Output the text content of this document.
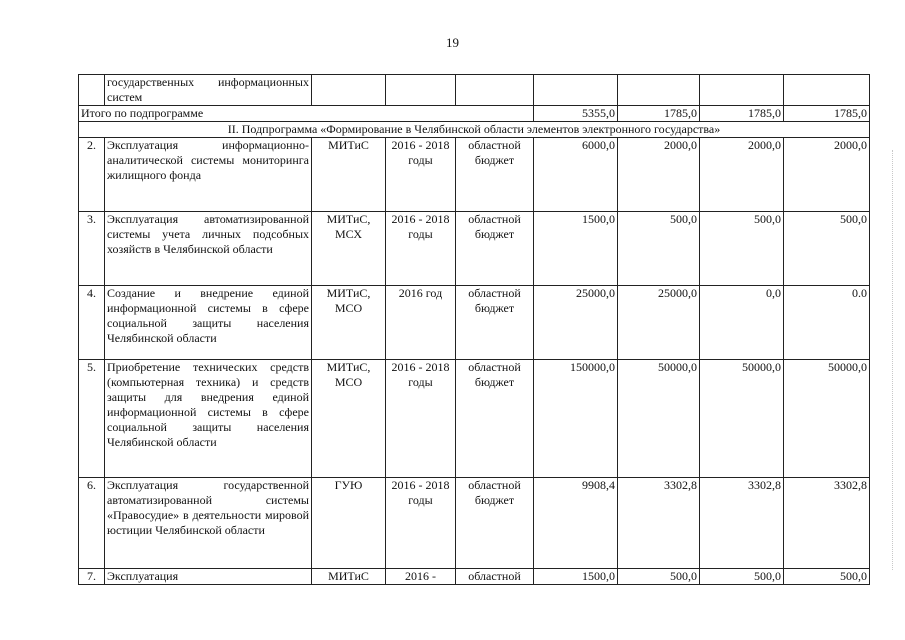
19
	государственных информационных систем							
Итого по подпрограмме					5355,0	1785,0	1785,0	1785,0
II. Подпрограмма «Формирование в Челябинской области элементов электронного государства»								
2.	Эксплуатация информационно-аналитической системы мониторинга жилищного фонда	МИТиС	2016 - 2018 годы	областной бюджет	6000,0	2000,0	2000,0	2000,0
3.	Эксплуатация автоматизированной системы учета личных подсобных хозяйств в Челябинской области	МИТиС, МСХ	2016 - 2018 годы	областной бюджет	1500,0	500,0	500,0	500,0
4.	Создание и внедрение единой информационной системы в сфере социальной защиты населения Челябинской области	МИТиС, МСО	2016 год	областной бюджет	25000,0	25000,0	0,0	0.0
5.	Приобретение технических средств (компьютерная техника) и средств защиты для внедрения единой информационной системы в сфере социальной защиты населения Челябинской области	МИТиС, МСО	2016 - 2018 годы	областной бюджет	150000,0	50000,0	50000,0	50000,0
6.	Эксплуатация государственной автоматизированной системы «Правосудие» в деятельности мировой юстиции Челябинской области	ГУЮ	2016 - 2018 годы	областной бюджет	9908,4	3302,8	3302,8	3302,8
7.	Эксплуатация	МИТиС	2016 -	областной	1500,0	500,0	500,0	500,0
